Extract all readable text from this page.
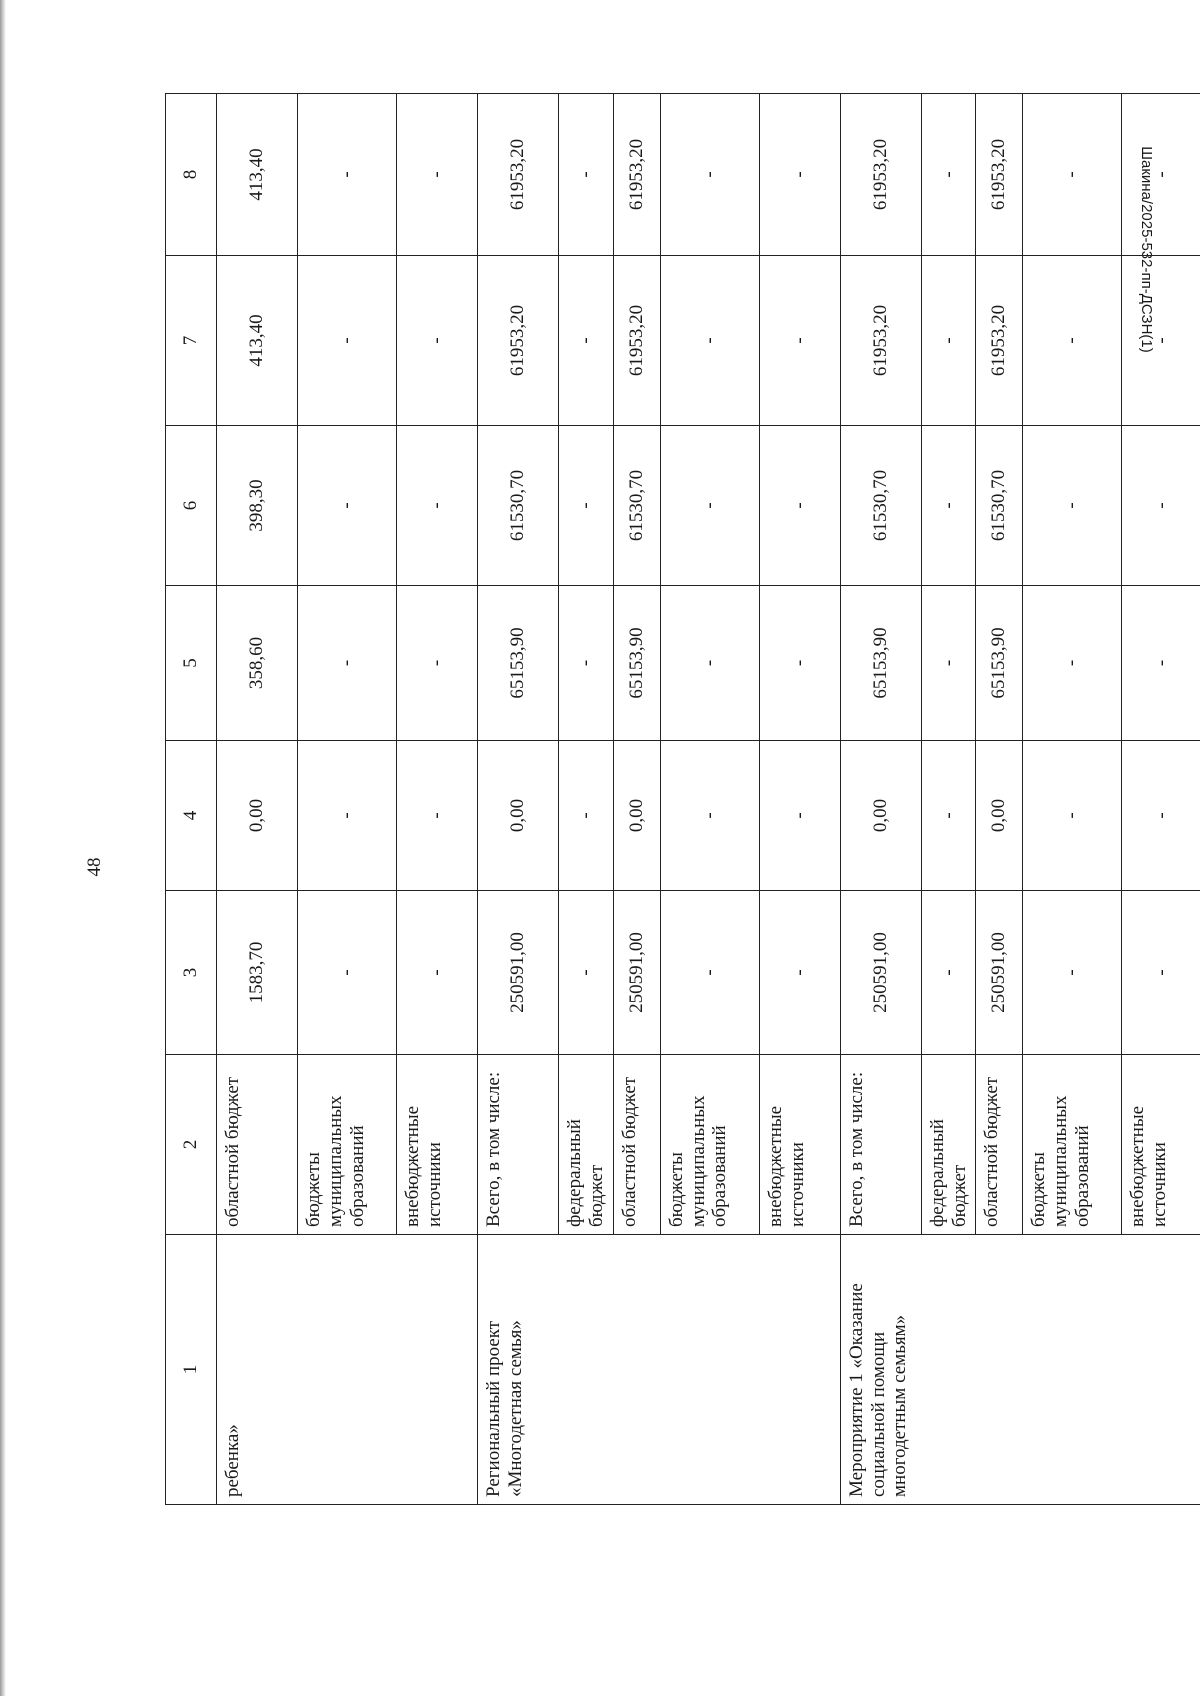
48
Шакина/2025-532-пп-ДСЗН(1)
1	2	3	4	5	6	7	8
ребенка»	областной бюджет	1583,70	0,00	358,60	398,30	413,40	413,40
	бюджеты муниципальных образований	-	-	-	-	-	-
	внебюджетные источники	-	-	-	-	-	-
Региональный проект «Многодетная семья»	Всего, в том числе:	250591,00	0,00	65153,90	61530,70	61953,20	61953,20
	федеральный бюджет	-	-	-	-	-	-
	областной бюджет	250591,00	0,00	65153,90	61530,70	61953,20	61953,20
	бюджеты муниципальных образований	-	-	-	-	-	-
	внебюджетные источники	-	-	-	-	-	-
Мероприятие 1 «Оказание социальной помощи многодетным семьям»	Всего, в том числе:	250591,00	0,00	65153,90	61530,70	61953,20	61953,20
	федеральный бюджет	-	-	-	-	-	-
	областной бюджет	250591,00	0,00	65153,90	61530,70	61953,20	61953,20
	бюджеты муниципальных образований	-	-	-	-	-	-
	внебюджетные источники	-	-	-	-	-	-
